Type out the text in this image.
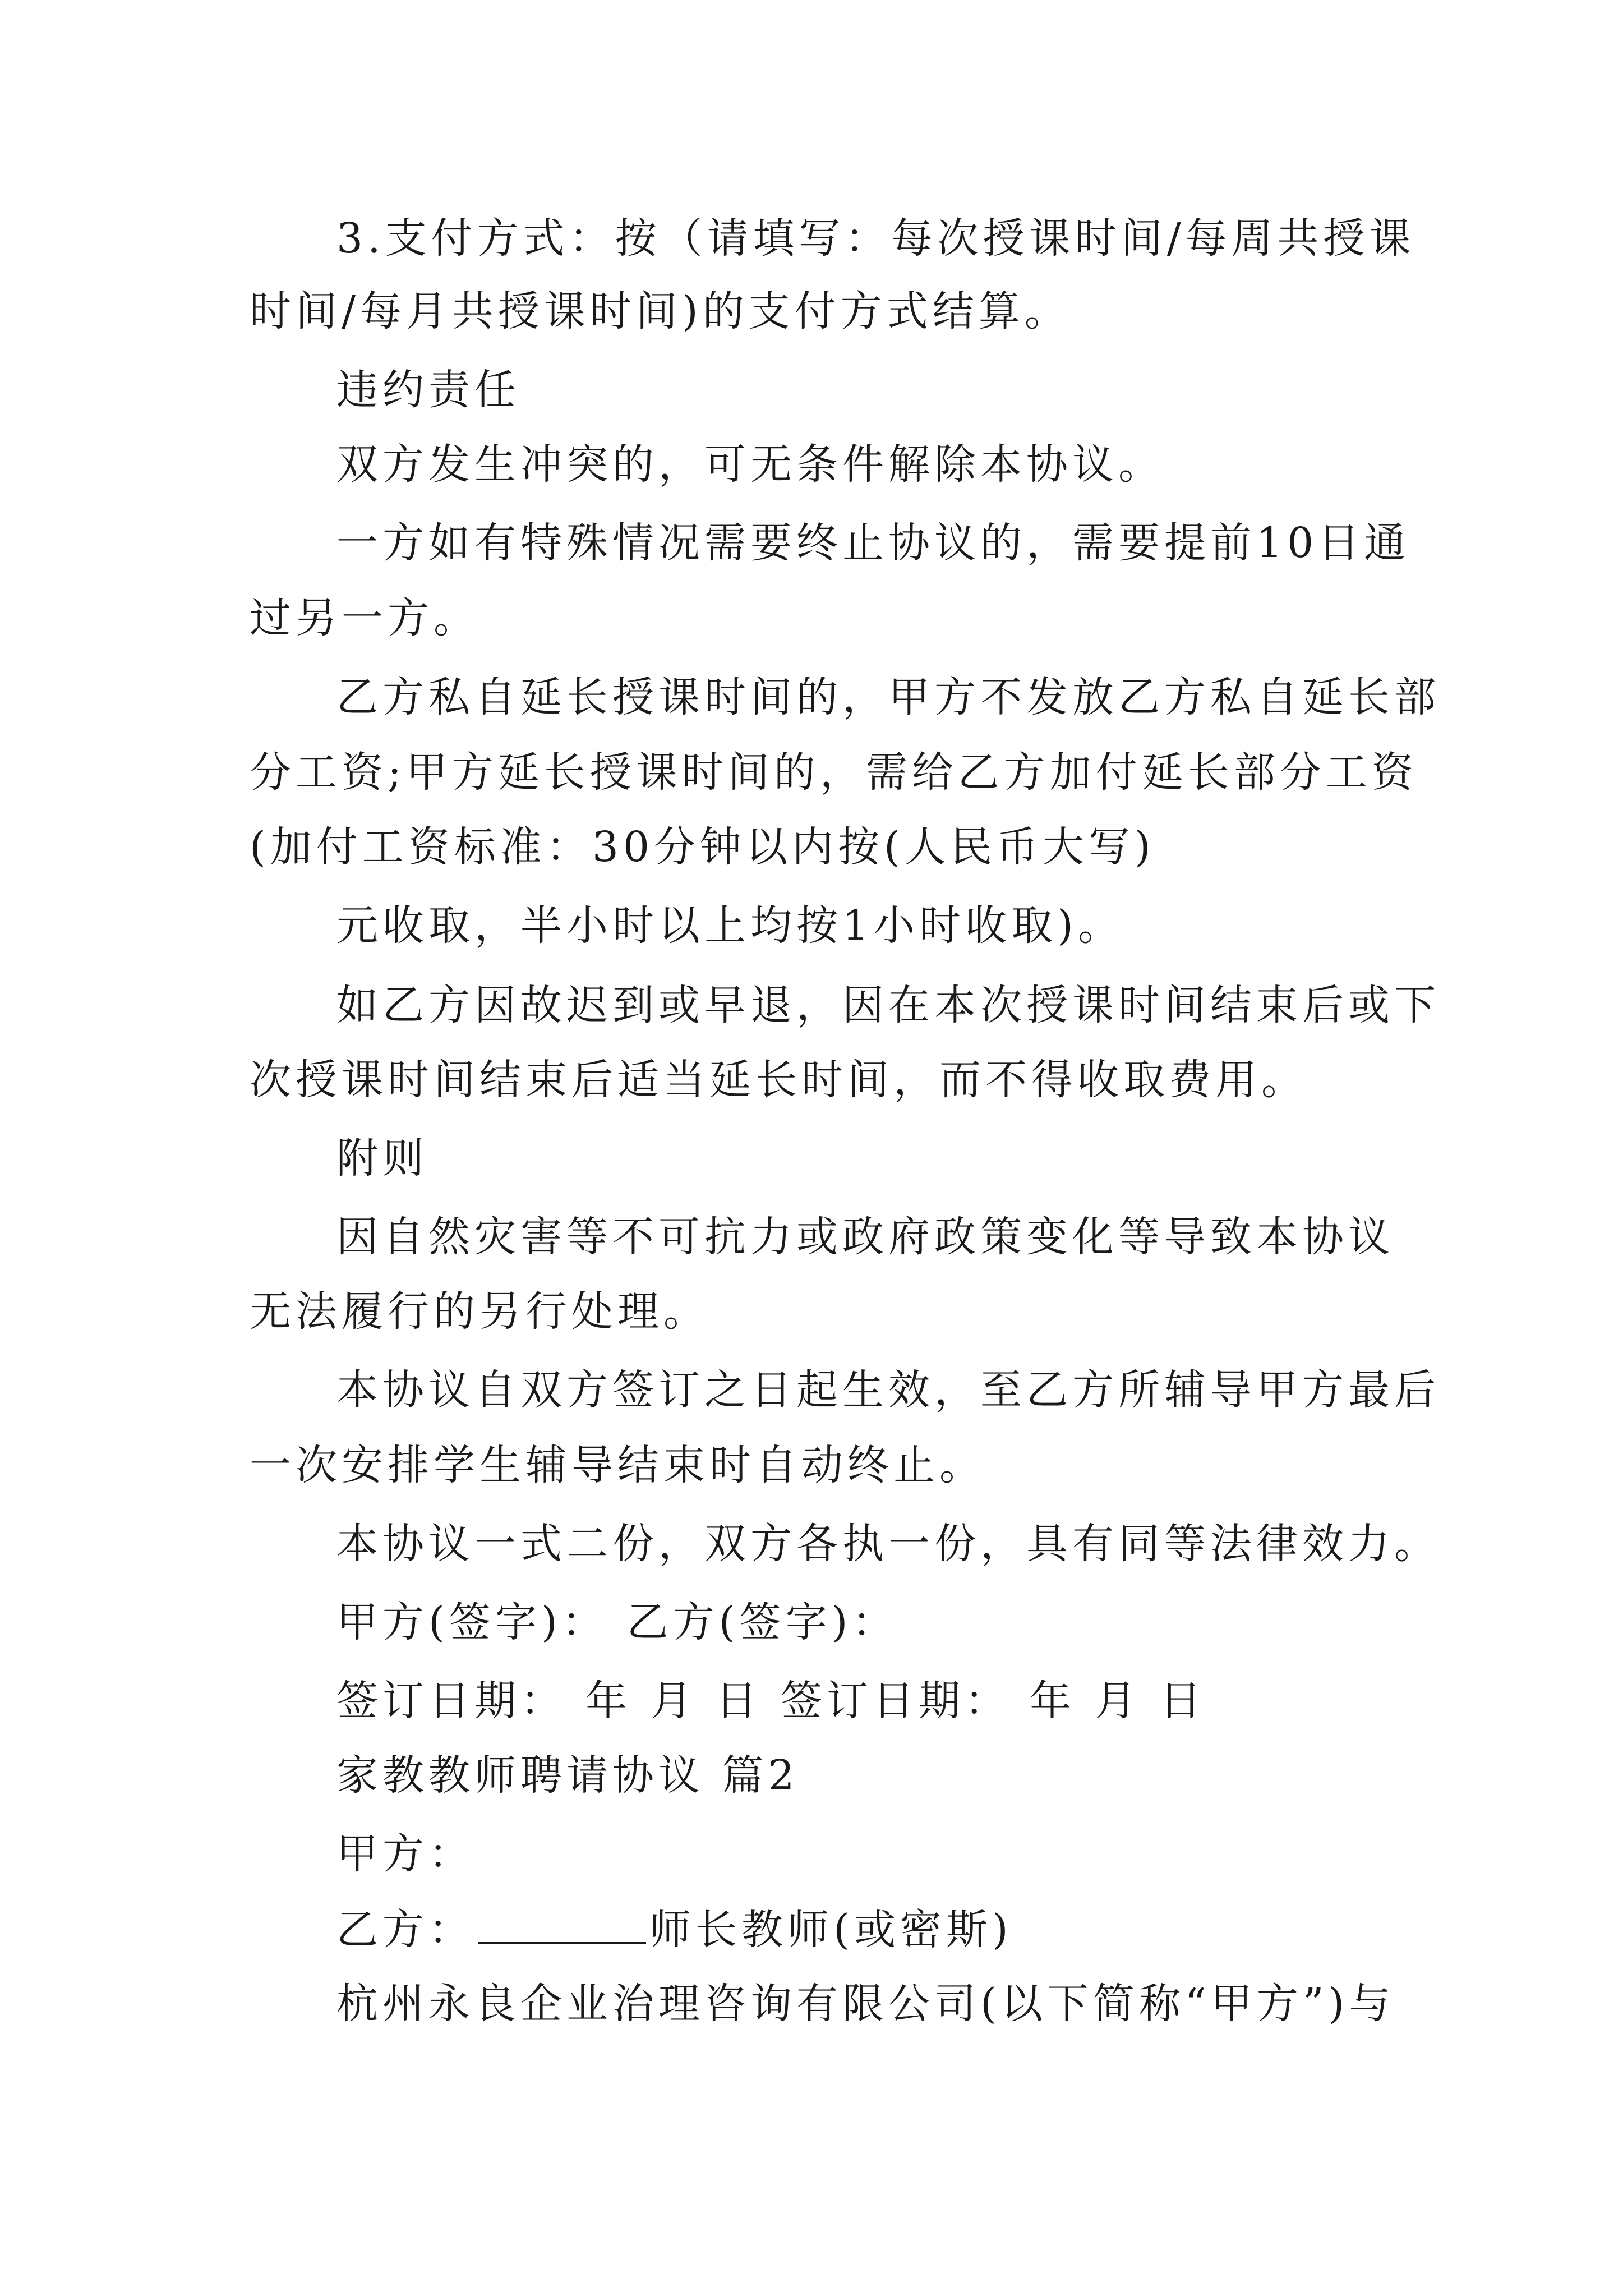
3.支付方式：按（请填写：每次授课时间/每周共授课
时间/每月共授课时间)的支付方式结算。
违约责任
双方发生冲突的，可无条件解除本协议。
一方如有特殊情况需要终止协议的，需要提前10日通
过另一方。
乙方私自延长授课时间的，甲方不发放乙方私自延长部
分工资;甲方延长授课时间的，需给乙方加付延长部分工资
(加付工资标准：30分钟以内按(人民币大写)
元收取，半小时以上均按1小时收取)。
如乙方因故迟到或早退，因在本次授课时间结束后或下
次授课时间结束后适当延长时间，而不得收取费用。
附则
因自然灾害等不可抗力或政府政策变化等导致本协议
无法履行的另行处理。
本协议自双方签订之日起生效，至乙方所辅导甲方最后
一次安排学生辅导结束时自动终止。
本协议一式二份，双方各执一份，具有同等法律效力。
甲方(签字)： 乙方(签字)：
签订日期： 年 月 日 签订日期： 年 月 日
家教教师聘请协议 篇2
甲方：
乙方：	师长教师(或密斯)
杭州永良企业治理咨询有限公司(以下简称“甲方”)与
